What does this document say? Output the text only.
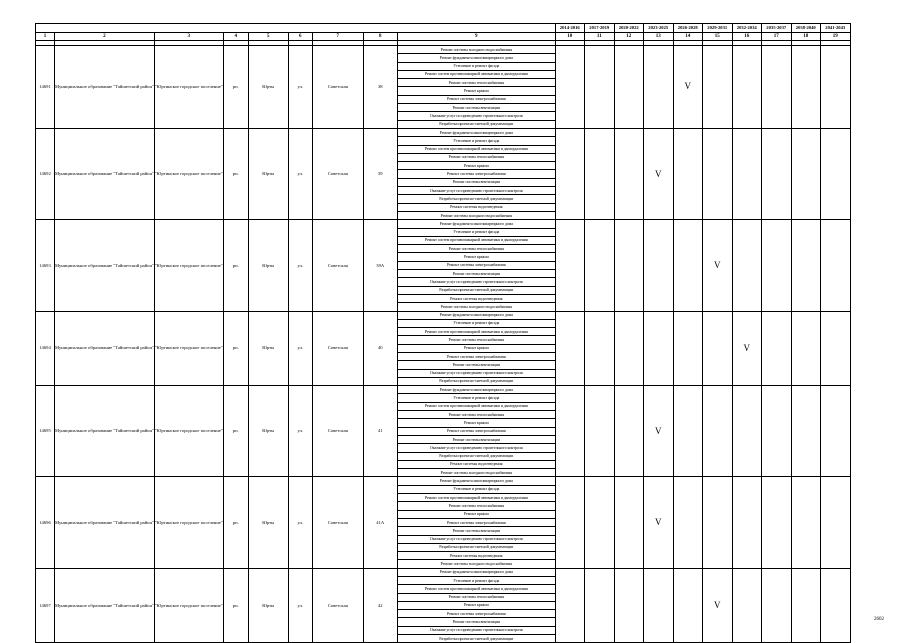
									2014-2016	2017-2019	2020-2022	2023-2025	2026-2028	2029-2031	2032-2034	2035-2037	2038-2040	2041-2043
1	2	3	4	5	6	7	8	9	10	11	12	13	14	15	16	17	18	19

14691	Муниципальное образование "Тайшетский район"	"Юртинское городское поселение"	рп.	Юрты	ул.	Советская	38	Ремонт системы холодного водоснабжения					V					
								Ремонт фундамента многоквартирного дома										
								Утепление и ремонт фасада										
								Ремонт систем противопожарной автоматики и дымоудаления										
								Ремонт системы теплоснабжения										
								Ремонт крыши										
								Ремонт системы электроснабжения										
								Ремонт системы вентиляции										
								Оказание услуг по проведению строительного контроля										
								Разработка проектно-сметной документации										
14692	Муниципальное образование "Тайшетский район"	"Юртинское городское поселение"	рп.	Юрты	ул.	Советская	39	Ремонт фундамента многоквартирного дома				V						
								Утепление и ремонт фасада										
								Ремонт систем противопожарной автоматики и дымоудаления										
								Ремонт системы теплоснабжения										
								Ремонт крыши										
								Ремонт системы электроснабжения										
								Ремонт системы вентиляции										
								Оказание услуг по проведению строительного контроля										
								Разработка проектно-сметной документации										
								Ремонт системы водоотведения										
								Ремонт системы холодного водоснабжения										
14693	Муниципальное образование "Тайшетский район"	"Юртинское городское поселение"	рп.	Юрты	ул.	Советская	39А	Ремонт фундамента многоквартирного дома						V				
								Утепление и ремонт фасада										
								Ремонт систем противопожарной автоматики и дымоудаления										
								Ремонт системы теплоснабжения										
								Ремонт крыши										
								Ремонт системы электроснабжения										
								Ремонт системы вентиляции										
								Оказание услуг по проведению строительного контроля										
								Разработка проектно-сметной документации										
								Ремонт системы водоотведения										
								Ремонт системы холодного водоснабжения										
14694	Муниципальное образование "Тайшетский район"	"Юртинское городское поселение"	рп.	Юрты	ул.	Советская	40	Ремонт фундамента многоквартирного дома							V			
								Утепление и ремонт фасада										
								Ремонт систем противопожарной автоматики и дымоудаления										
								Ремонт системы теплоснабжения										
								Ремонт крыши										
								Ремонт системы электроснабжения										
								Ремонт системы вентиляции										
								Оказание услуг по проведению строительного контроля										
								Разработка проектно-сметной документации										
14695	Муниципальное образование "Тайшетский район"	"Юртинское городское поселение"	рп.	Юрты	ул.	Советская	41	Ремонт фундамента многоквартирного дома				V						
								Утепление и ремонт фасада										
								Ремонт систем противопожарной автоматики и дымоудаления										
								Ремонт системы теплоснабжения										
								Ремонт крыши										
								Ремонт системы электроснабжения										
								Ремонт системы вентиляции										
								Оказание услуг по проведению строительного контроля										
								Разработка проектно-сметной документации										
								Ремонт системы водоотведения										
								Ремонт системы холодного водоснабжения										
14696	Муниципальное образование "Тайшетский район"	"Юртинское городское поселение"	рп.	Юрты	ул.	Советская	41А	Ремонт фундамента многоквартирного дома				V						
								Утепление и ремонт фасада										
								Ремонт систем противопожарной автоматики и дымоудаления										
								Ремонт системы теплоснабжения										
								Ремонт крыши										
								Ремонт системы электроснабжения										
								Ремонт системы вентиляции										
								Оказание услуг по проведению строительного контроля										
								Разработка проектно-сметной документации										
								Ремонт системы водоотведения										
								Ремонт системы холодного водоснабжения										
14697	Муниципальное образование "Тайшетский район"	"Юртинское городское поселение"	рп.	Юрты	ул.	Советская	42	Ремонт фундамента многоквартирного дома						V				
								Утепление и ремонт фасада										
								Ремонт систем противопожарной автоматики и дымоудаления										
								Ремонт системы теплоснабжения										
								Ремонт крыши										
								Ремонт системы электроснабжения										
								Ремонт системы вентиляции										
								Оказание услуг по проведению строительного контроля										
								Разработка проектно-сметной документации										
2602
